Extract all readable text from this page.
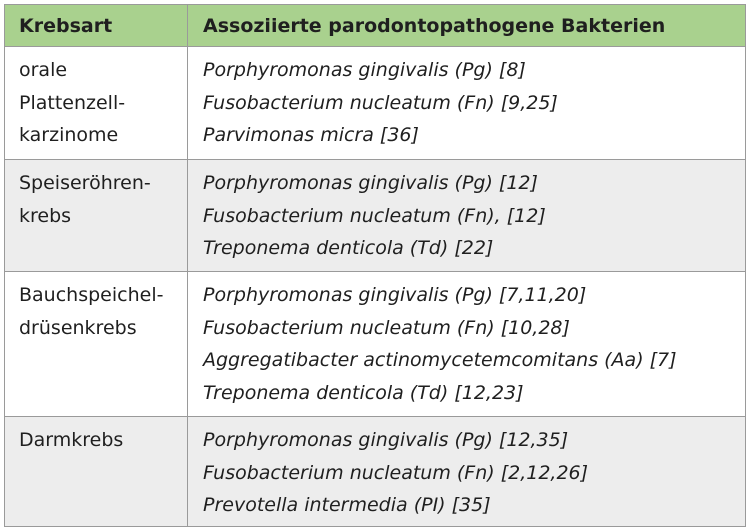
Krebsart	Assoziierte parodontopathogene Bakterien
orale
Plattenzell-
karzinome
Porphyromonas gingivalis (Pg) [8]
Fusobacterium nucleatum (Fn) [9,25]
Parvimonas micra [36]
Speiseröhren-
krebs
Porphyromonas gingivalis (Pg) [12]
Fusobacterium nucleatum (Fn), [12]
Treponema denticola (Td) [22]
Bauchspeichel-
drüsenkrebs
Porphyromonas gingivalis (Pg) [7,11,20]
Fusobacterium nucleatum (Fn) [10,28]
Aggregatibacter actinomycetemcomitans (Aa) [7]
Treponema denticola (Td) [12,23]
Darmkrebs	Porphyromonas gingivalis (Pg) [12,35]
Fusobacterium nucleatum (Fn) [2,12,26]
Prevotella intermedia (PI) [35]
